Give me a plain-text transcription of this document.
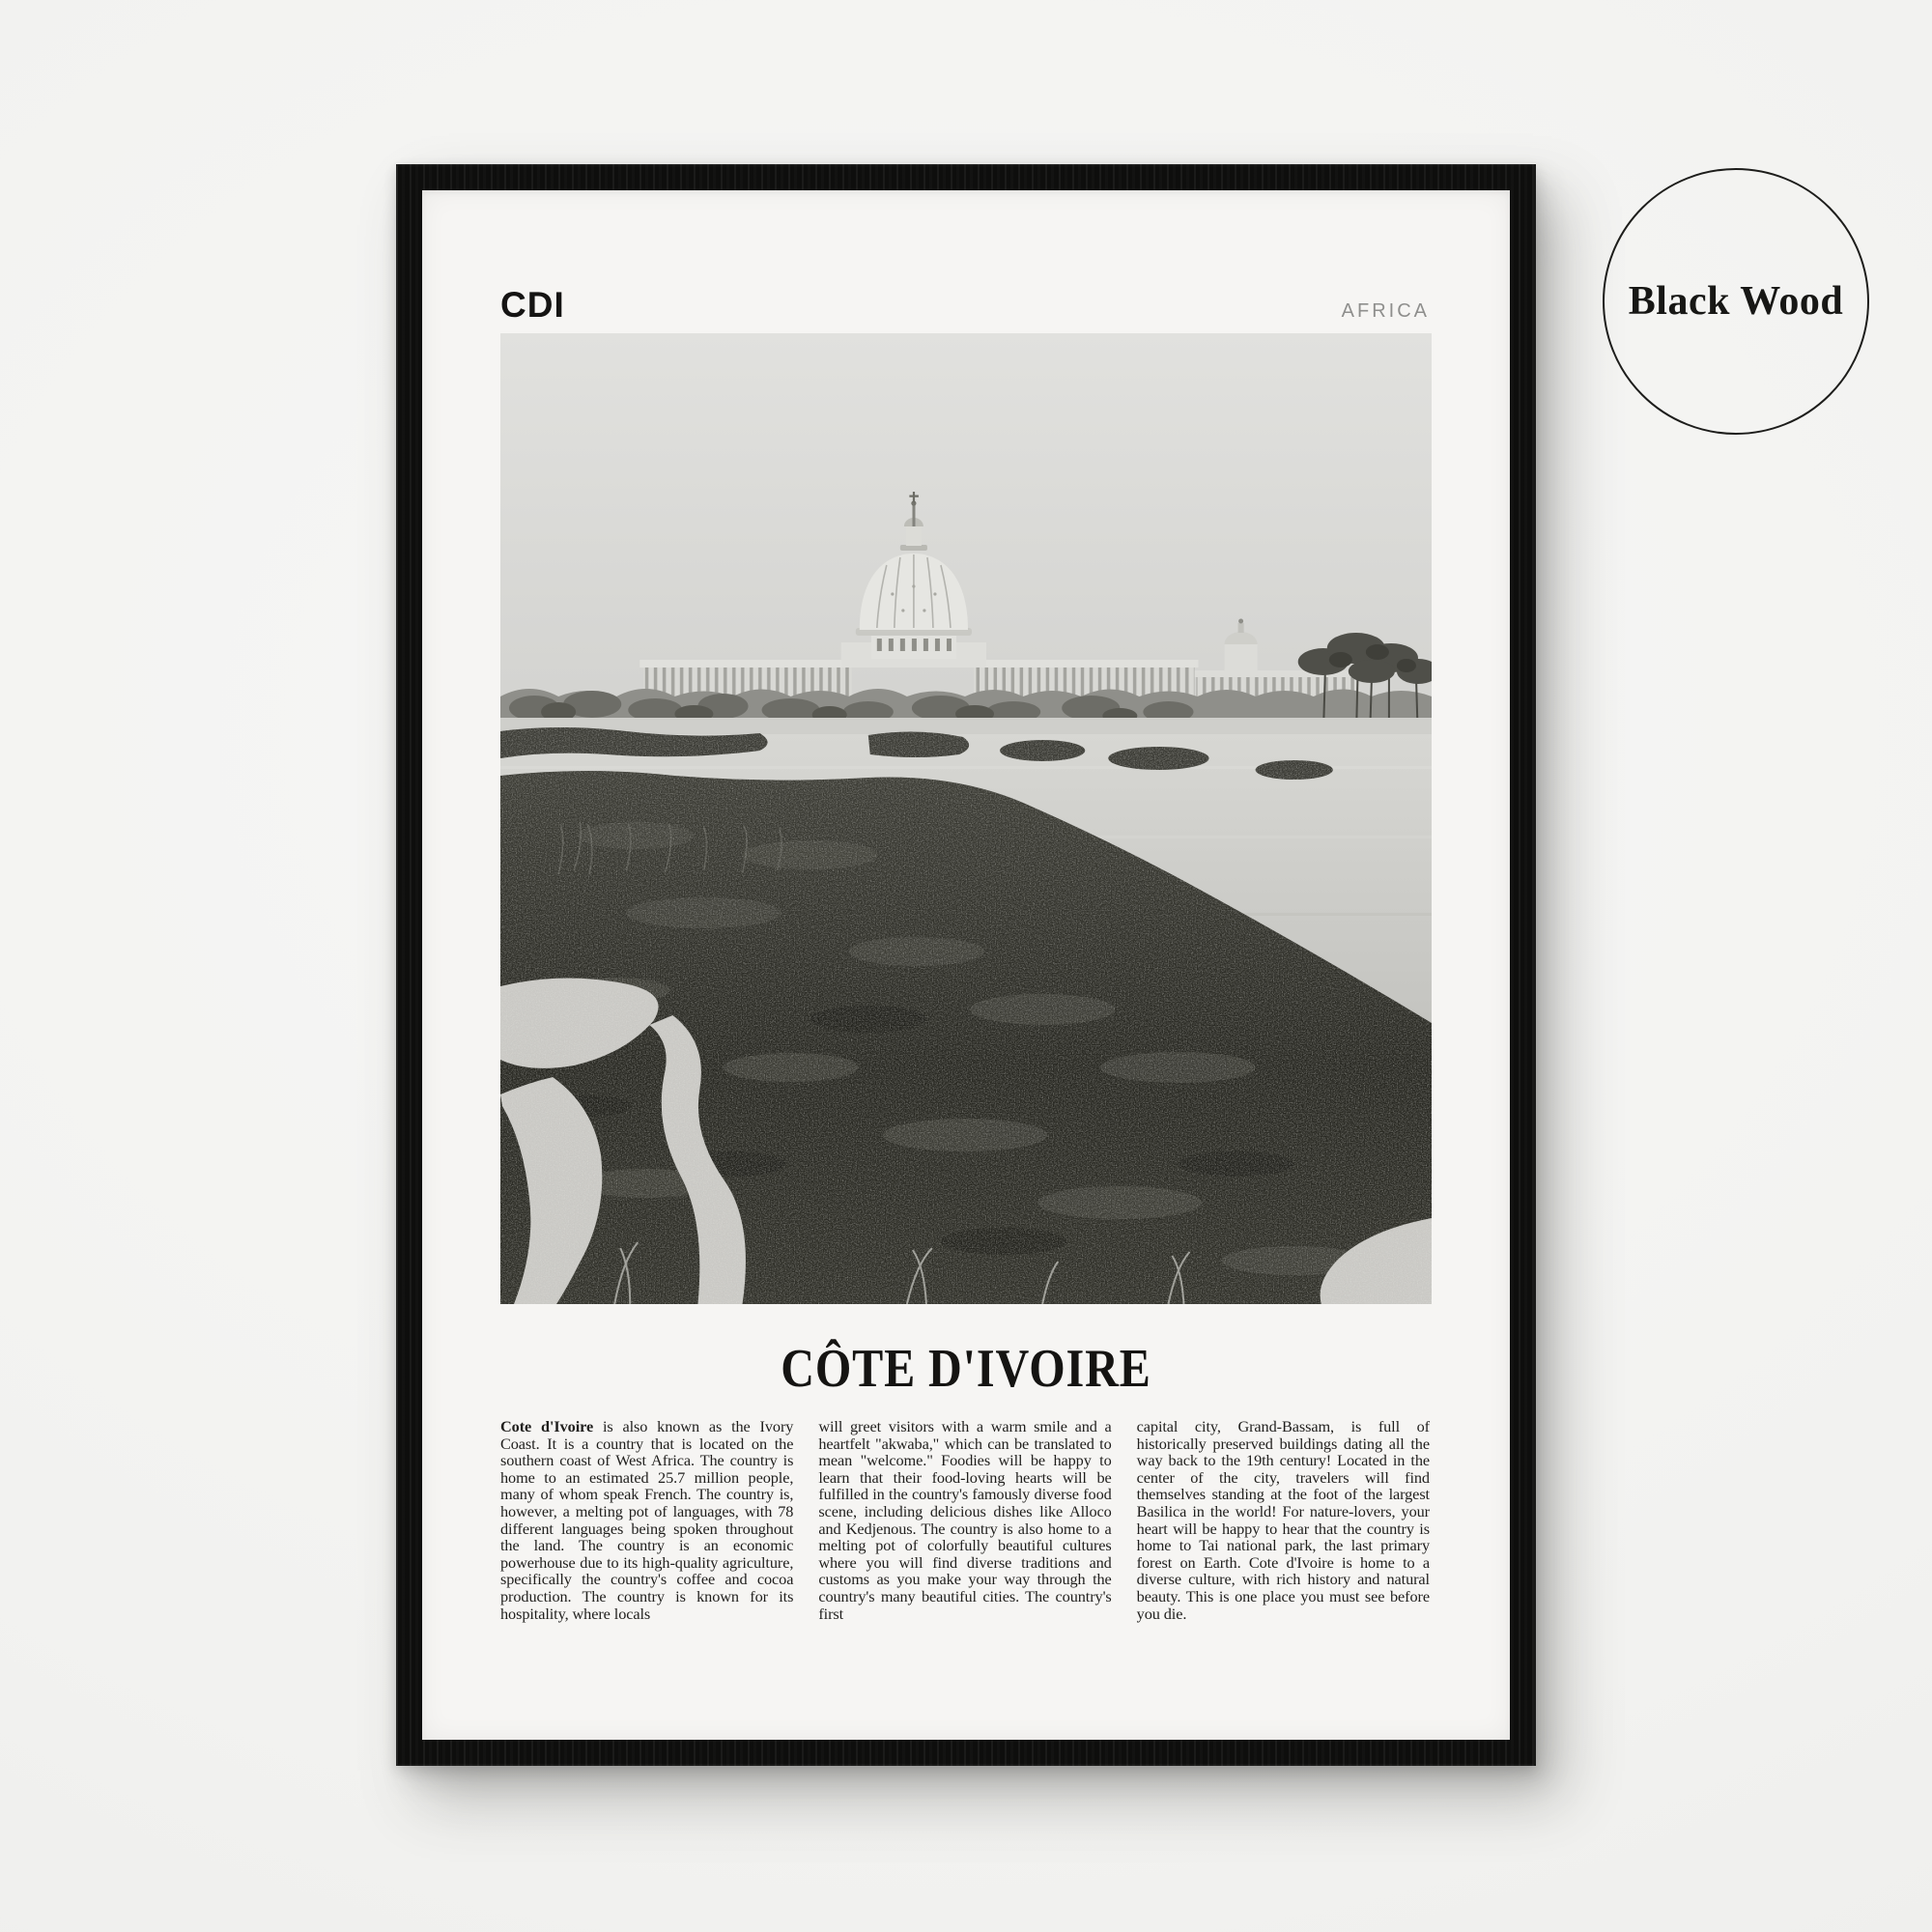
CDI	AFRICA
CÔTE D'IVOIRE

Cote d'Ivoire is also known as the Ivory Coast. It is a country that is located on the southern coast of West Africa. The country is home to an estimated 25.7 million people, many of whom speak French. The country is, however, a melting pot of languages, with 78 different languages being spoken throughout the land. The country is an economic powerhouse due to its high-quality agriculture, specifically the country's coffee and cocoa production. The country is known for its hospitality, where locals

will greet visitors with a warm smile and a heartfelt "akwaba," which can be translated to mean "welcome." Foodies will be happy to learn that their food-loving hearts will be fulfilled in the country's famously diverse food scene, including delicious dishes like Alloco and Kedjenous. The country is also home to a melting pot of colorfully beautiful cultures where you will find diverse traditions and customs as you make your way through the country's many beautiful cities. The country's first

capital city, Grand-Bassam, is full of historically preserved buildings dating all the way back to the 19th century! Located in the center of the city, travelers will find themselves standing at the foot of the largest Basilica in the world! For nature-lovers, your heart will be happy to hear that the country is home to Tai national park, the last primary forest on Earth. Cote d'Ivoire is home to a diverse culture, with rich history and natural beauty. This is one place you must see before you die.

Black Wood
